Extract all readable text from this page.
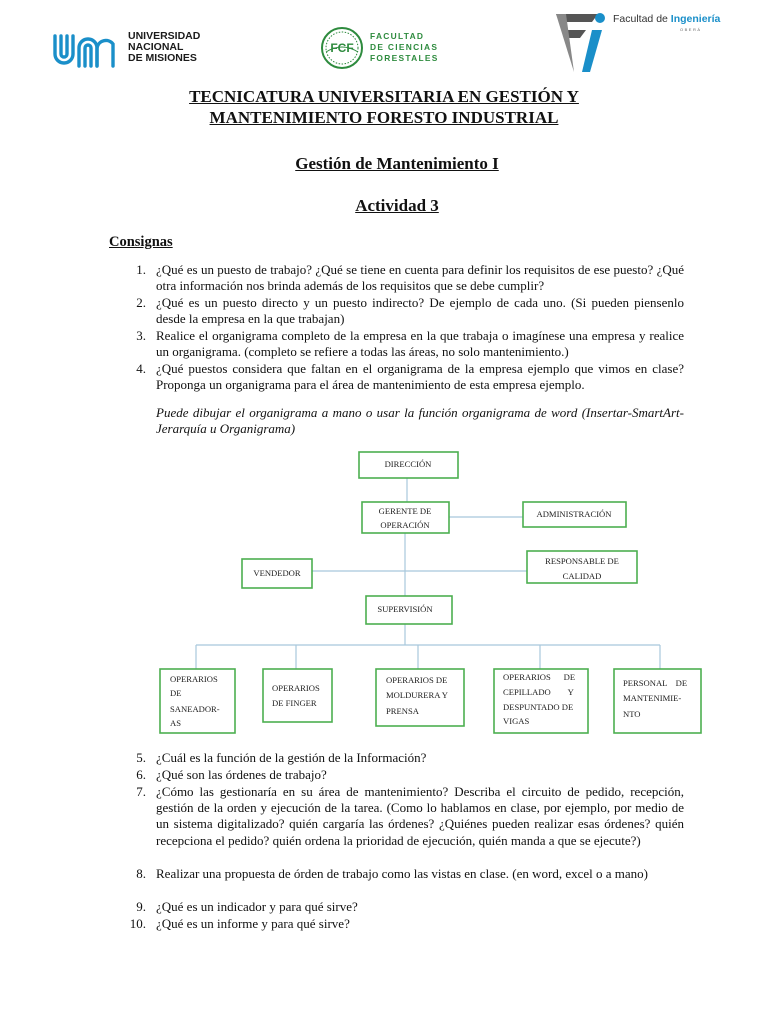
UNIVERSIDAD
NACIONAL
DE MISIONES
FCF
FACULTAD
DE CIENCIAS
FORESTALES
Facultad de Ingeniería
OBERÁ
TECNICATURA UNIVERSITARIA EN GESTIÓN Y
MANTENIMIENTO FORESTO INDUSTRIAL
Gestión de Mantenimiento I
Actividad 3
Consignas
1. ¿Qué es un puesto de trabajo? ¿Qué se tiene en cuenta para definir los requisitos de ese puesto? ¿Qué otra información nos brinda además de los requisitos que se debe cumplir?
2. ¿Qué es un puesto directo y un puesto indirecto? De ejemplo de cada uno. (Si pueden piensenlo desde la empresa en la que trabajan)
3. Realice el organigrama completo de la empresa en la que trabaja o imagínese una empresa y realice un organigrama. (completo se refiere a todas las áreas, no solo mantenimiento.)
4. ¿Qué puestos considera que faltan en el organigrama de la empresa ejemplo que vimos en clase? Proponga un organigrama para el área de mantenimiento de esta empresa ejemplo.
Puede dibujar el organigrama a mano o usar la función organigrama de word (Insertar-SmartArt-Jerarquía u Organigrama)
DIRECCIÓN
GERENTE DE
OPERACIÓN
ADMINISTRACIÓN
VENDEDOR
RESPONSABLE DE
CALIDAD
SUPERVISIÓN
OPERARIOS
DE
SANEADOR-
AS
OPERARIOS
DE FINGER
OPERARIOS DE
MOLDURERA Y
PRENSA
OPERARIOS      DE
CEPILLADO        Y
DESPUNTADO DE
VIGAS
PERSONAL    DE
MANTENIMIE-
NTO
5. ¿Cuál es la función de la gestión de la Información?
6. ¿Qué son las órdenes de trabajo?
7. ¿Cómo las gestionaría en su área de mantenimiento? Describa el circuito de pedido, recepción, gestión de la orden y ejecución de la tarea. (Como lo hablamos en clase, por ejemplo, por medio de un sistema digitalizado? quién cargaría las órdenes? ¿Quiénes pueden realizar esas órdenes? quién recepciona el pedido? quién ordena la prioridad de ejecución, quién manda a que se ejecute?)
8. Realizar una propuesta de órden de trabajo como las vistas en clase. (en word, excel o a mano)
9. ¿Qué es un indicador y para qué sirve?
10. ¿Qué es un informe y para qué sirve?
